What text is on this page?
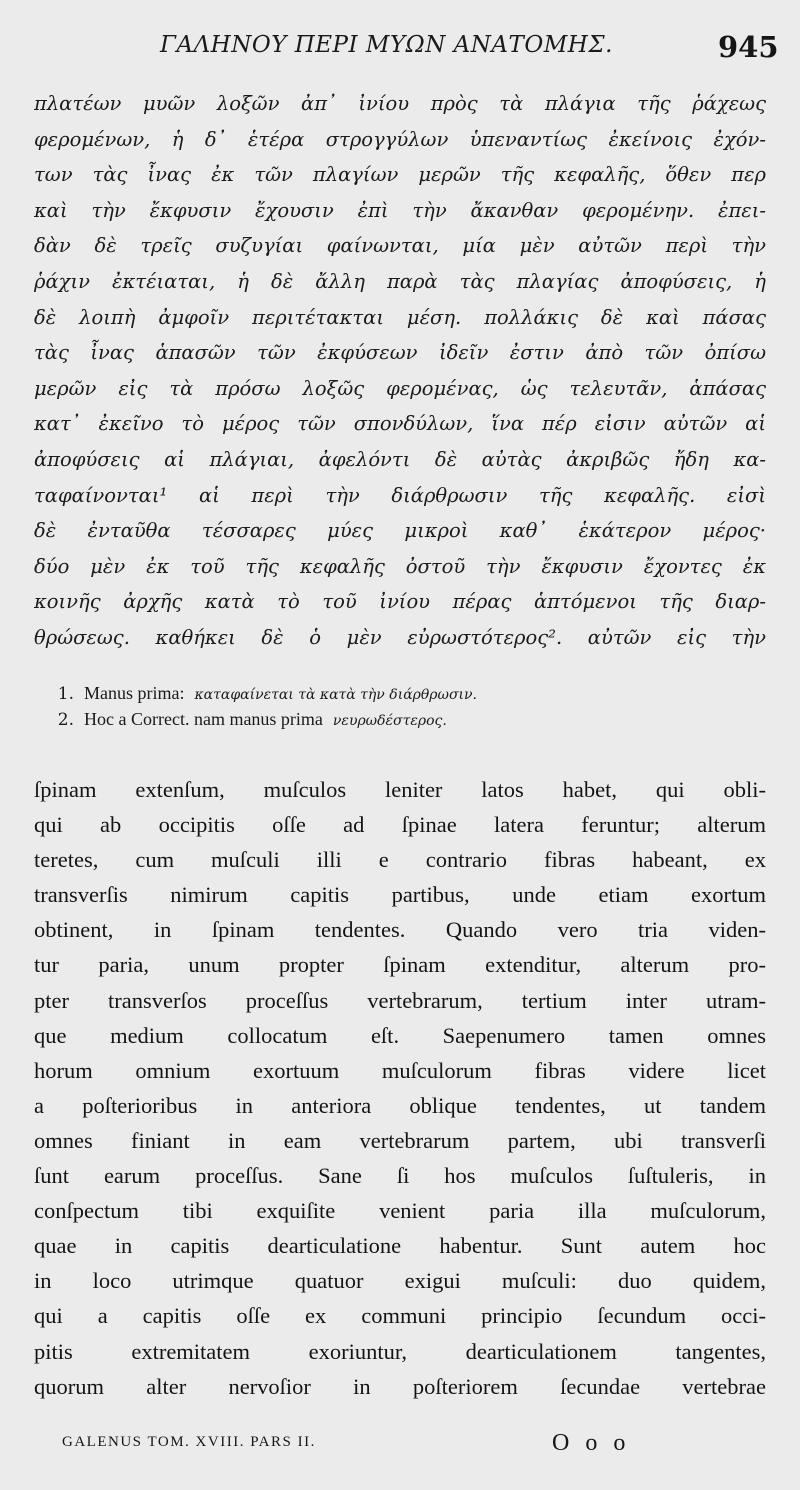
ΓΑΛΗΝΟΥ ΠΕΡΙ ΜΥΩΝ ΑΝΑΤΟΜΗΣ.	945
πλατέων μυῶν λοξῶν ἀπ᾽ ἰνίου πρὸς τὰ πλάγια τῆς ῥάχεως
φερομένων, ἡ δ᾽ ἑτέρα στρογγύλων ὑπεναντίως ἐκείνοις ἐχόν-
των τὰς ἶνας ἐκ τῶν πλαγίων μερῶν τῆς κεφαλῆς, ὅθεν περ
καὶ τὴν ἔκφυσιν ἔχουσιν ἐπὶ τὴν ἄκανθαν φερομένην. ἐπει-
δὰν δὲ τρεῖς συζυγίαι φαίνωνται, μία μὲν αὐτῶν περὶ τὴν
ῥάχιν ἐκτέιαται, ἡ δὲ ἄλλη παρὰ τὰς πλαγίας ἀποφύσεις, ἡ
δὲ λοιπὴ ἀμφοῖν περιτέτακται μέση. πολλάκις δὲ καὶ πάσας
τὰς ἶνας ἁπασῶν τῶν ἐκφύσεων ἰδεῖν ἐστιν ἀπὸ τῶν ὀπίσω
μερῶν εἰς τὰ πρόσω λοξῶς φερομένας, ὡς τελευτᾶν, ἁπάσας
κατ᾽ ἐκεῖνο τὸ μέρος τῶν σπονδύλων, ἵνα πέρ εἰσιν αὐτῶν αἱ
ἀποφύσεις αἱ πλάγιαι, ἀφελόντι δὲ αὐτὰς ἀκριβῶς ἤδη κα-
ταφαίνονται¹ αἱ περὶ τὴν διάρθρωσιν τῆς κεφαλῆς. εἰσὶ
δὲ ἐνταῦθα τέσσαρες μύες μικροὶ καθ᾽ ἑκάτερον μέρος·
δύο μὲν ἐκ τοῦ τῆς κεφαλῆς ὀστοῦ τὴν ἔκφυσιν ἔχοντες ἐκ
κοινῆς ἀρχῆς κατὰ τὸ τοῦ ἰνίου πέρας ἁπτόμενοι τῆς διαρ-
θρώσεως. καθήκει δὲ ὁ μὲν εὐρωστότερος². αὐτῶν εἰς τὴν
1. Manus prima: καταφαίνεται τὰ κατὰ τὴν διάρθρωσιν.
2. Hoc a Correct. nam manus prima νευρωδέστερος.
ſpinam extenſum, muſculos leniter latos habet, qui obli-
qui ab occipitis oſſe ad ſpinae latera feruntur; alterum
teretes, cum muſculi illi e contrario fibras habeant, ex
transverſis nimirum capitis partibus, unde etiam exortum
obtinent, in ſpinam tendentes. Quando vero tria viden-
tur paria, unum propter ſpinam extenditur, alterum pro-
pter transverſos proceſſus vertebrarum, tertium inter utram-
que medium collocatum eſt. Saepenumero tamen omnes
horum omnium exortuum muſculorum fibras videre licet
a poſterioribus in anteriora oblique tendentes, ut tandem
omnes finiant in eam vertebrarum partem, ubi transverſi
ſunt earum proceſſus. Sane ſi hos muſculos ſuſtuleris, in
conſpectum tibi exquiſite venient paria illa muſculorum,
quae in capitis dearticulatione habentur. Sunt autem hoc
in loco utrimque quatuor exigui muſculi: duo quidem,
qui a capitis oſſe ex communi principio ſecundum occi-
pitis extremitatem exoriuntur, dearticulationem tangentes,
quorum alter nervoſior in poſteriorem ſecundae vertebrae
GALENUS TOM. XVIII. PARS II.	O o o
